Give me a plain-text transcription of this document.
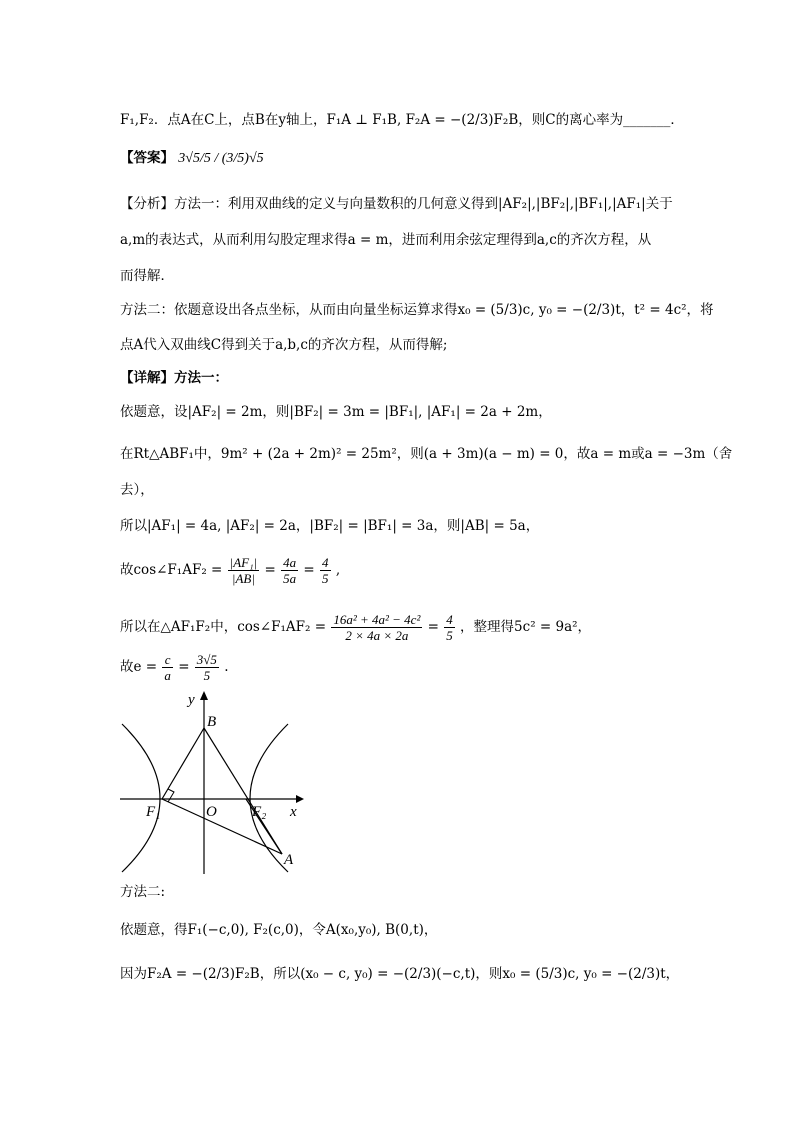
F₁,F₂．点A在C上，点B在y轴上，F₁A ⊥ F₁B, F₂A = −(2/3)F₂B，则C的离心率为_______．
【答案】 3√5/5 / (3/5)√5
【分析】方法一：利用双曲线的定义与向量数积的几何意义得到|AF₂|,|BF₂|,|BF₁|,|AF₁|关于
a,m的表达式，从而利用勾股定理求得a = m，进而利用余弦定理得到a,c的齐次方程，从
而得解．
方法二：依题意设出各点坐标，从而由向量坐标运算求得x₀ = (5/3)c, y₀ = −(2/3)t，t² = 4c²，将
点A代入双曲线C得到关于a,b,c的齐次方程，从而得解;
【详解】方法一：
依题意，设|AF₂| = 2m，则|BF₂| = 3m = |BF₁|, |AF₁| = 2a + 2m，
在Rt△ABF₁中，9m² + (2a + 2m)² = 25m²，则(a + 3m)(a − m) = 0，故a = m或a = −3m（舍
去），
所以|AF₁| = 4a, |AF₂| = 2a，|BF₂| = |BF₁| = 3a，则|AB| = 5a，
故cos∠F₁AF₂ = $\frac{\text{|AF₁|}}{|AB|} = \frac{4a}{5a} = \frac{4}{5}$ ,
所以在△AF₁F₂中，cos∠F₁AF₂ = $\frac{\text{16a² + 4a² − 4c²}}{2 \times 4a \times 2a} = \frac{4}{5}$ ，整理得5c² = 9a²，
故$e = \frac{c}{a} = \frac{3√5}{5}$ .
y
B
O	x
F₁	F₂
A
方法二:
依题意，得F₁(−c,0), F₂(c,0)，令A(x₀,y₀), B(0,t)，
因为F₂A = −(2/3)F₂B，所以(x₀ − c, y₀) = −(2/3)(−c,t)，则x₀ = (5/3)c, y₀ = −(2/3)t，
